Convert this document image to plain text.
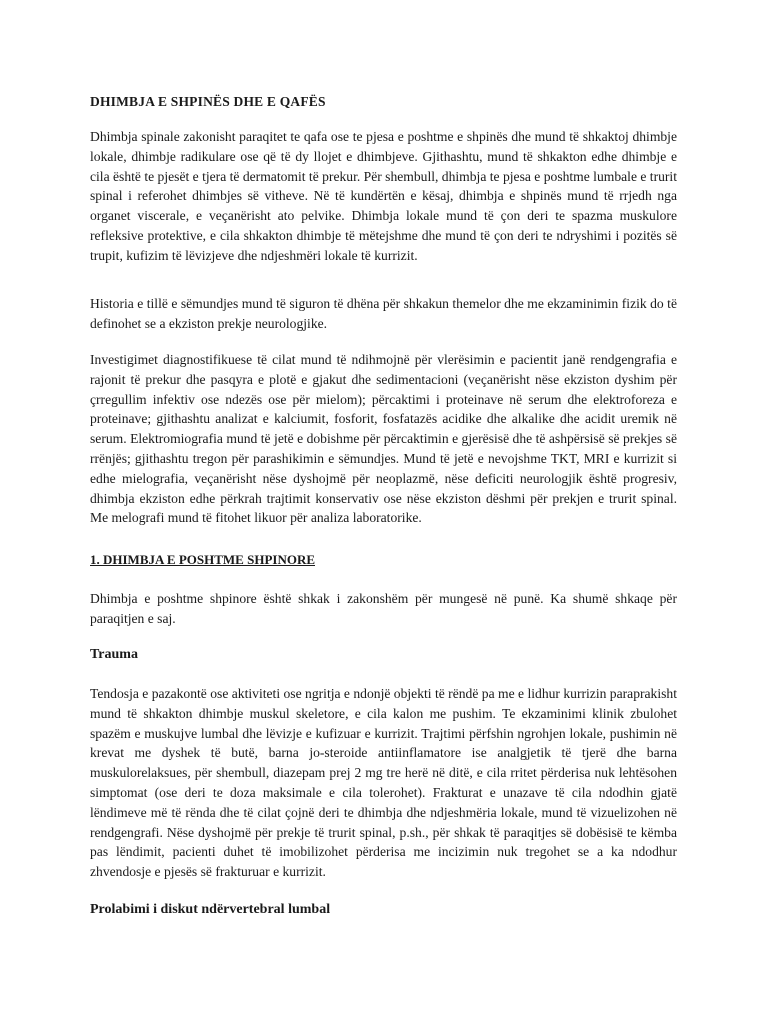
DHIMBJA E SHPINËS DHE E QAFËS

Dhimbja spinale zakonisht paraqitet te qafa ose te pjesa e poshtme e shpinës dhe mund të shkaktoj dhimbje lokale, dhimbje radikulare ose që të dy llojet e dhimbjeve. Gjithashtu, mund të shkakton edhe dhimbje e cila është te pjesët e tjera të dermatomit të prekur. Për shembull, dhimbja te pjesa e poshtme lumbale e trurit spinal i referohet dhimbjes së vitheve. Në të kundërtën e kësaj, dhimbja e shpinës mund të rrjedh nga organet viscerale, e veçanërisht ato pelvike. Dhimbja lokale mund të çon deri te spazma muskulore refleksive protektive, e cila shkakton dhimbje të mëtejshme dhe mund të çon deri te ndryshimi i pozitës së trupit, kufizim të lëvizjeve dhe ndjeshmëri lokale të kurrizit.

Historia e tillë e sëmundjes mund të siguron të dhëna për shkakun themelor dhe me ekzaminimin fizik do të definohet se a ekziston prekje neurologjike.

Investigimet diagnostifikuese të cilat mund të ndihmojnë për vlerësimin e pacientit janë rendgengrafia e rajonit të prekur dhe pasqyra e plotë e gjakut dhe sedimentacioni (veçanërisht nëse ekziston dyshim për çrregullim infektiv ose ndezës ose për mielom); përcaktimi i proteinave në serum dhe elektroforeza e proteinave; gjithashtu analizat e kalciumit, fosforit, fosfatazës acidike dhe alkalike dhe acidit uremik në serum. Elektromiografia mund të jetë e dobishme për përcaktimin e gjerësisë dhe të ashpërsisë së prekjes së rrënjës; gjithashtu tregon për parashikimin e sëmundjes. Mund të jetë e nevojshme TKT, MRI e kurrizit si edhe mielografia, veçanërisht nëse dyshojmë për neoplazmë, nëse deficiti neurologjik është progresiv, dhimbja ekziston edhe përkrah trajtimit konservativ ose nëse ekziston dëshmi për prekjen e trurit spinal. Me melografi mund të fitohet likuor për analiza laboratorike.

1. DHIMBJA E POSHTME SHPINORE

Dhimbja e poshtme shpinore është shkak i zakonshëm për mungesë në punë. Ka shumë shkaqe për paraqitjen e saj.

Trauma

Tendosja e pazakontë ose aktiviteti ose ngritja e ndonjë objekti të rëndë pa me e lidhur kurrizin paraprakisht mund të shkakton dhimbje muskul skeletore, e cila kalon me pushim. Te ekzaminimi klinik zbulohet spazëm e muskujve lumbal dhe lëvizje e kufizuar e kurrizit. Trajtimi përfshin ngrohjen lokale, pushimin në krevat me dyshek të butë, barna jo-steroide antiinflamatore ise analgjetik të tjerë dhe barna muskulorelaksues, për shembull, diazepam prej 2 mg tre herë në ditë, e cila rritet përderisa nuk lehtësohen simptomat (ose deri te doza maksimale e cila tolerohet). Frakturat e unazave të cila ndodhin gjatë lëndimeve më të rënda dhe të cilat çojnë deri te dhimbja dhe ndjeshmëria lokale, mund të vizuelizohen në rendgengrafi. Nëse dyshojmë për prekje të trurit spinal, p.sh., për shkak të paraqitjes së dobësisë te këmba pas lëndimit, pacienti duhet të imobilizohet përderisa me incizimin nuk tregohet se a ka ndodhur zhvendosje e pjesës së frakturuar e kurrizit.

Prolabimi i diskut ndërvertebral lumbal
